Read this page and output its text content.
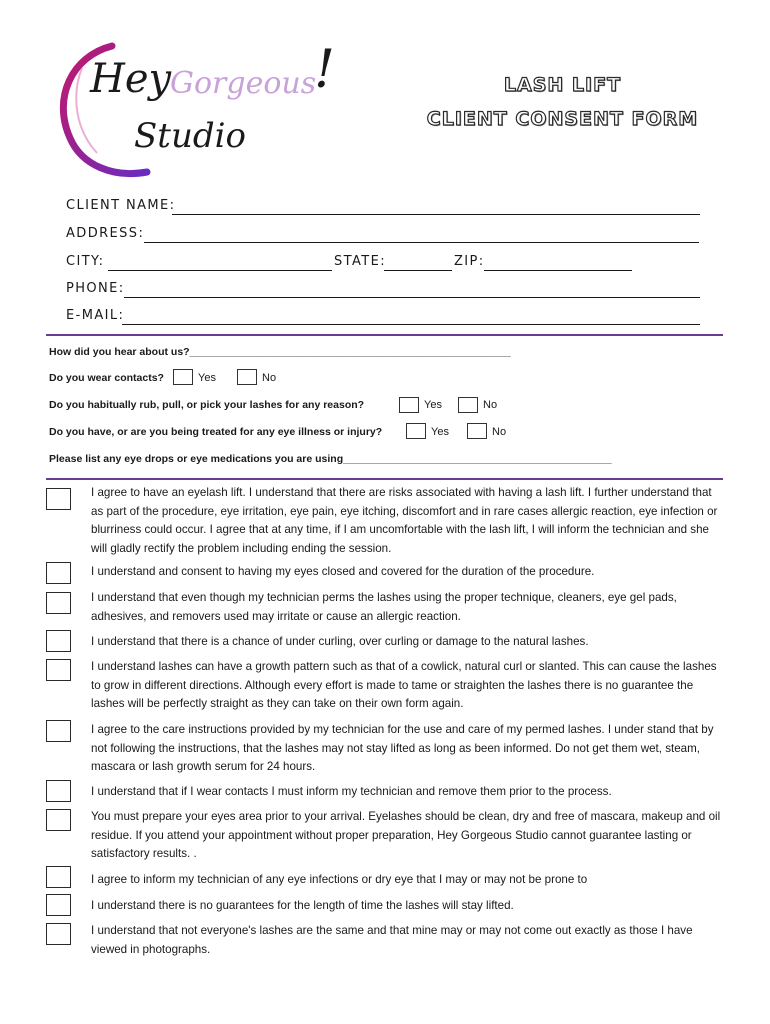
Hey
Gorgeous
!
Studio
LASH LIFT
CLIENT CONSENT FORM
CLIENT NAME:
ADDRESS:
CITY:	STATE:	ZIP:
PHONE:
E-MAIL:
How did you hear about us?_______________________________________________________
Do you wear contacts?	Yes	No
Do you habitually rub, pull, or pick your lashes for any reason?	Yes	No
Do you have, or are you being treated for any eye illness or injury?	Yes	No
Please list any eye drops or eye medications you are using______________________________________________
I agree to have an eyelash lift. I understand that there are risks associated with having a lash lift. I further understand that as part of the procedure, eye irritation, eye pain, eye itching, discomfort and in rare cases allergic reaction, eye infection or blurriness could occur. I agree that at any time, if I am uncomfortable with the lash lift, I will inform the technician and she will gladly rectify the problem including ending the session.
I understand and consent to having my eyes closed and covered for the duration of the procedure.
I understand that even though my technician perms the lashes using the proper technique, cleaners, eye gel pads, adhesives, and removers used may irritate or cause an allergic reaction.
I understand that there is a chance of under curling, over curling or damage to the natural lashes.
I understand lashes can have a growth pattern such as that of a cowlick, natural curl or slanted. This can cause the lashes to grow in different directions. Although every effort is made to tame or straighten the lashes there is no guarantee the lashes will be perfectly straight as they can take on their own form again.
I agree to the care instructions provided by my technician for the use and care of my permed lashes. I under stand that by not following the instructions, that the lashes may not stay lifted as long as been informed. Do not get them wet, steam, mascara or lash growth serum for 24 hours.
I understand that if I wear contacts I must inform my technician and remove them prior to the process.
You must prepare your eyes area prior to your arrival. Eyelashes should be clean, dry and free of mascara, makeup and oil residue. If you attend your appointment without proper preparation, Hey Gorgeous Studio cannot guarantee lasting or satisfactory results. .
I agree to inform my technician of any eye infections or dry eye that I may or may not be prone to
I understand there is no guarantees for the length of time the lashes will stay lifted.
I understand that not everyone's lashes are the same and that mine may or may not come out exactly as those I have viewed in photographs.
